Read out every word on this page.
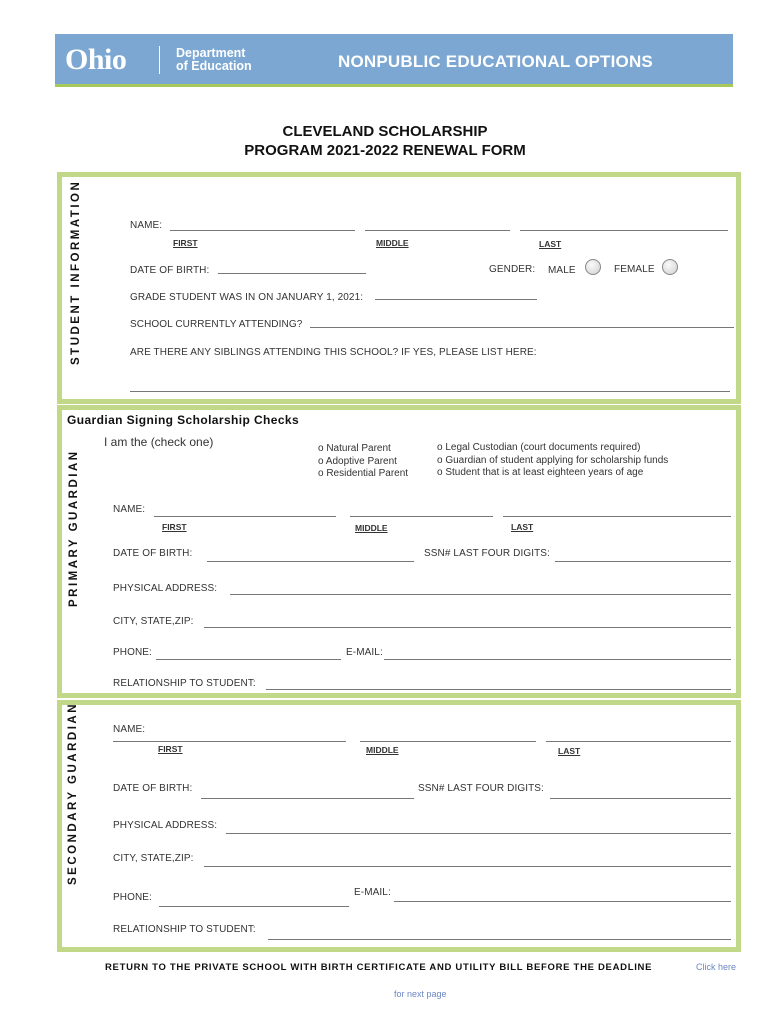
Ohio	Department
of Education	NONPUBLIC EDUCATIONAL OPTIONS
CLEVELAND SCHOLARSHIP
PROGRAM 2021-2022 RENEWAL FORM
STUDENT INFORMATION	NAME:
FIRST	MIDDLE	LAST
DATE OF BIRTH:	GENDER: MALE	FEMALE
GRADE STUDENT WAS IN ON JANUARY 1, 2021:
SCHOOL CURRENTLY ATTENDING?
ARE THERE ANY SIBLINGS ATTENDING THIS SCHOOL? IF YES, PLEASE LIST HERE:
PRIMARY GUARDIAN
Guardian Signing Scholarship Checks
I am the (check one)	o Natural Parent
o Adoptive Parent
o Residential Parent
o Legal Custodian (court documents required)
o Guardian of student applying for scholarship funds
o Student that is at least eighteen years of age
NAME:
FIRST	MIDDLE	LAST
DATE OF BIRTH:	SSN# LAST FOUR DIGITS:
PHYSICAL ADDRESS:
CITY, STATE,ZIP:
PHONE:	E-MAIL:
RELATIONSHIP TO STUDENT:
SECONDARY GUARDIAN	NAME:
FIRST	MIDDLE	LAST
DATE OF BIRTH:	SSN# LAST FOUR DIGITS:
PHYSICAL ADDRESS:
CITY, STATE,ZIP:
PHONE:	E-MAIL:
RELATIONSHIP TO STUDENT:
RETURN TO THE PRIVATE SCHOOL WITH BIRTH CERTIFICATE AND UTILITY BILL BEFORE THE DEADLINE	Click here
for next page
